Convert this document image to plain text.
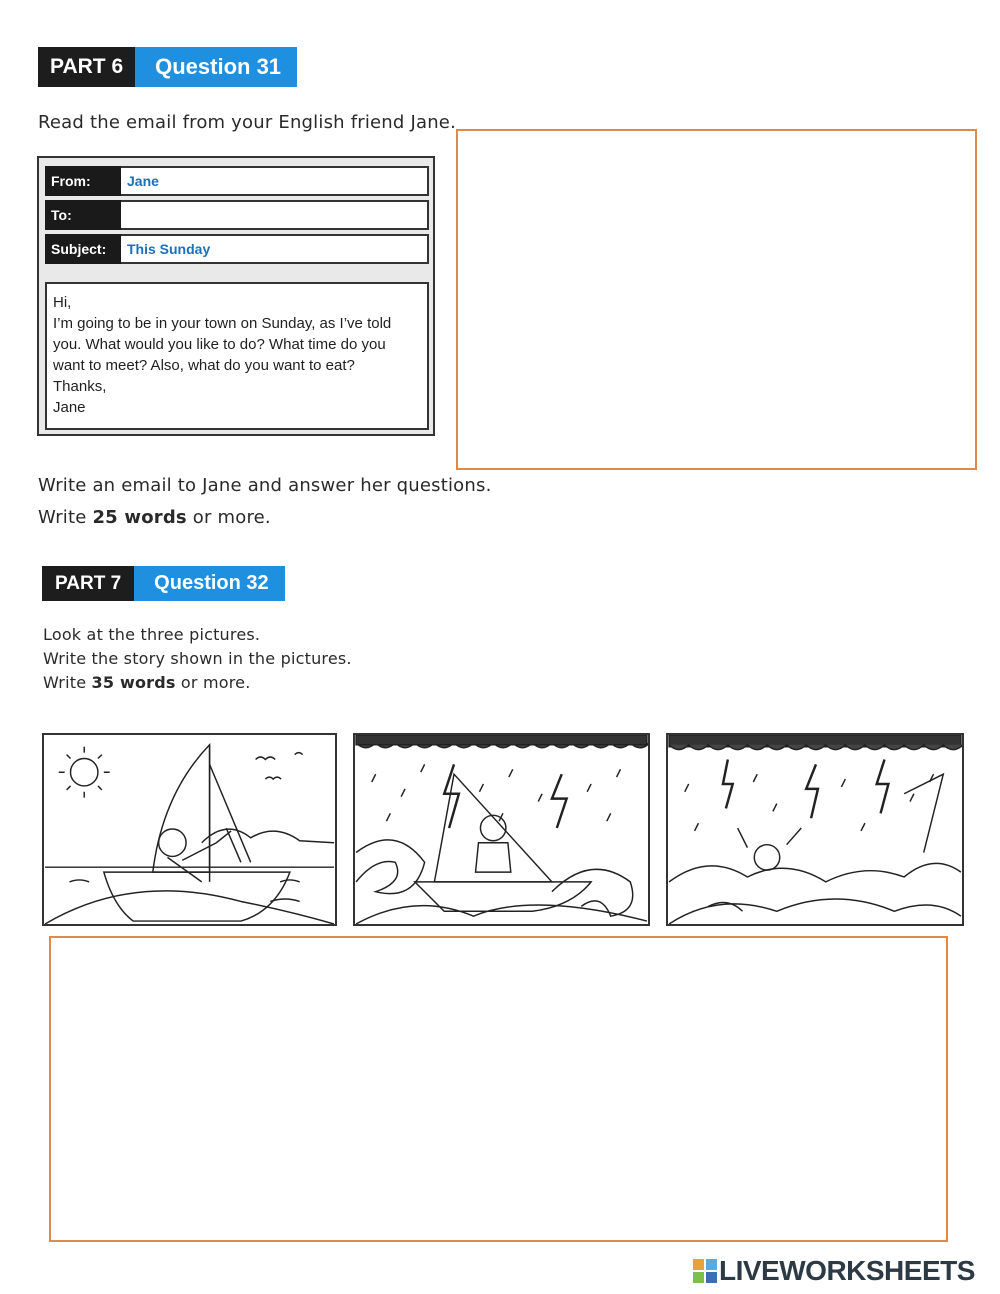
PART 6	Question 31
Read the email from your English friend Jane.
From:	Jane
To:
Subject:	This Sunday
Hi,
I’m going to be in your town on Sunday, as I’ve told
you. What would you like to do? What time do you
want to meet? Also, what do you want to eat?
Thanks,
Jane
Write an email to Jane and answer her questions.
Write 25 words or more.
PART 7	Question 32
Look at the three pictures.
Write the story shown in the pictures.
Write 35 words or more.
LIVEWORKSHEETS
